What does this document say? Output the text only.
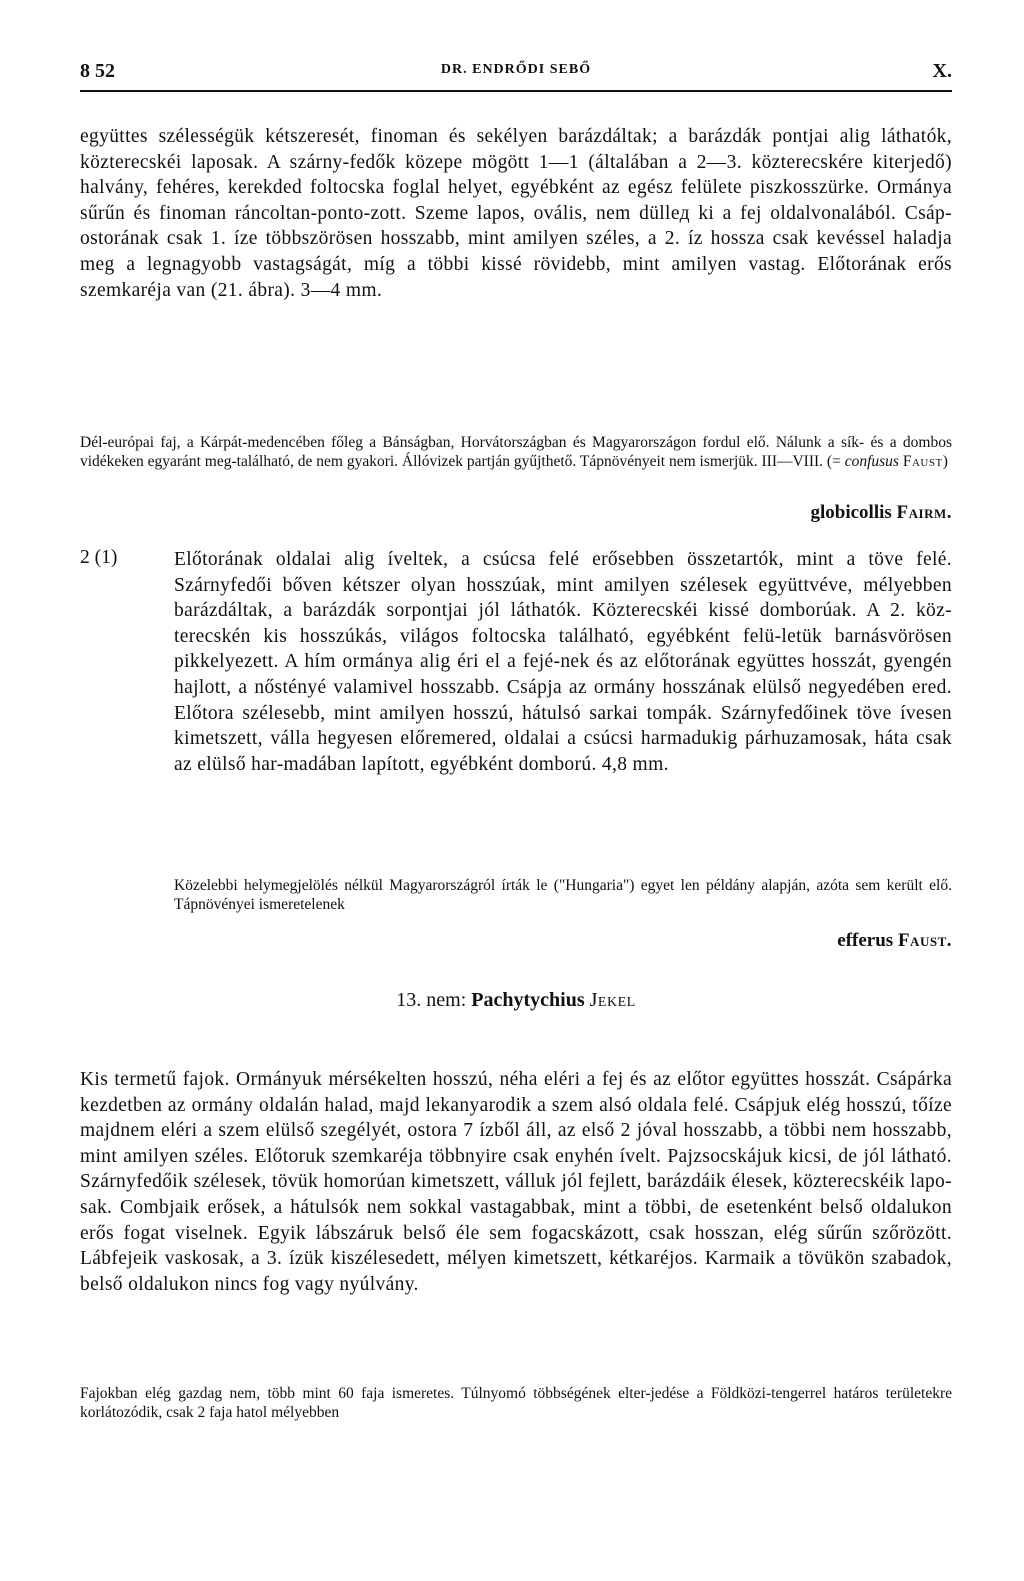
8 52	DR. ENDRŐDI SEBŐ	X.
együttes szélességük kétszeresét, finoman és sekélyen barázdáltak; a barázdák pontjai alig láthatók, közterecskéi laposak. A szárny-fedők közepe mögött 1—1 (általában a 2—3. közterecskére kiterjedő) halvány, fehéres, kerekded foltocska foglal helyet, egyébként az egész felülete piszkosszürke. Ormánya sűrűn és finoman ráncoltan-ponto-zott. Szeme lapos, ovális, nem düllед ki a fej oldalvonalából. Csáp-ostorának csak 1. íze többszörösen hosszabb, mint amilyen széles, a 2. íz hossza csak kevéssel haladja meg a legnagyobb vastagságát, míg a többi kissé rövidebb, mint amilyen vastag. Előtorának erős szemkaréja van (21. ábra). 3—4 mm.
Dél-európai faj, a Kárpát-medencében főleg a Bánságban, Horvátországban és Magyarországon fordul elő. Nálunk a sík- és a dombos vidékeken egyaránt meg-található, de nem gyakori. Állóvizek partján gyűjthető. Tápnövényeit nem ismerjük. III—VIII. (= confusus Faust)
globicollis Fairm.
2 (1)	Előtorának oldalai alig íveltek, a csúcsa felé erősebben összetartók, mint a töve felé. Szárnyfedői bőven kétszer olyan hosszúak, mint amilyen szélesek együttvéve, mélyebben barázdáltak, a barázdák sorpontjai jól láthatók. Közterecskéi kissé domborúak. A 2. köz-terecskén kis hosszúkás, világos foltocska található, egyébként felü-letük barnásvörösen pikkelyezett. A hím ormánya alig éri el a fejé-nek és az előtorának együttes hosszát, gyengén hajlott, a nőstényé valamivel hosszabb. Csápja az ormány hosszának elülső negyedében ered. Előtora szélesebb, mint amilyen hosszú, hátulsó sarkai tompák. Szárnyfedőinek töve ívesen kimetszett, válla hegyesen előremered, oldalai a csúcsi harmadukig párhuzamosak, háta csak az elülső har-madában lapított, egyébként domború. 4,8 mm.
Közelebbi helymegjelölés nélkül Magyarországról írták le ("Hungaria") egyet len példány alapján, azóta sem került elő. Tápnövényei ismeretelenek
efferus Faust.
13. nem: Pachytychius Jekel
Kis termetű fajok. Ormányuk mérsékelten hosszú, néha eléri a fej és az előtor együttes hosszát. Csápárka kezdetben az ormány oldalán halad, majd lekanyarodik a szem alsó oldala felé. Csápjuk elég hosszú, tőíze majdnem eléri a szem elülső szegélyét, ostora 7 ízből áll, az első 2 jóval hosszabb, a többi nem hosszabb, mint amilyen széles. Előtoruk szemkaréja többnyire csak enyhén ívelt. Pajzsocskájuk kicsi, de jól látható. Szárnyfedőik szélesek, tövük homorúan kimetszett, válluk jól fejlett, barázdáik élesek, közterecskéik lapo-sak. Combjaik erősek, a hátulsók nem sokkal vastagabbak, mint a többi, de esetenként belső oldalukon erős fogat viselnek. Egyik lábszáruk belső éle sem fogacskázott, csak hosszan, elég sűrűn szőrözött. Lábfejeik vaskosak, a 3. ízük kiszélesedett, mélyen kimetszett, kétkaréjos. Karmaik a tövükön szabadok, belső oldalukon nincs fog vagy nyúlvány.
Fajokban elég gazdag nem, több mint 60 faja ismeretes. Túlnyomó többségének elter-jedése a Földközi-tengerrel határos területekre korlátozódik, csak 2 faja hatol mélyebben
